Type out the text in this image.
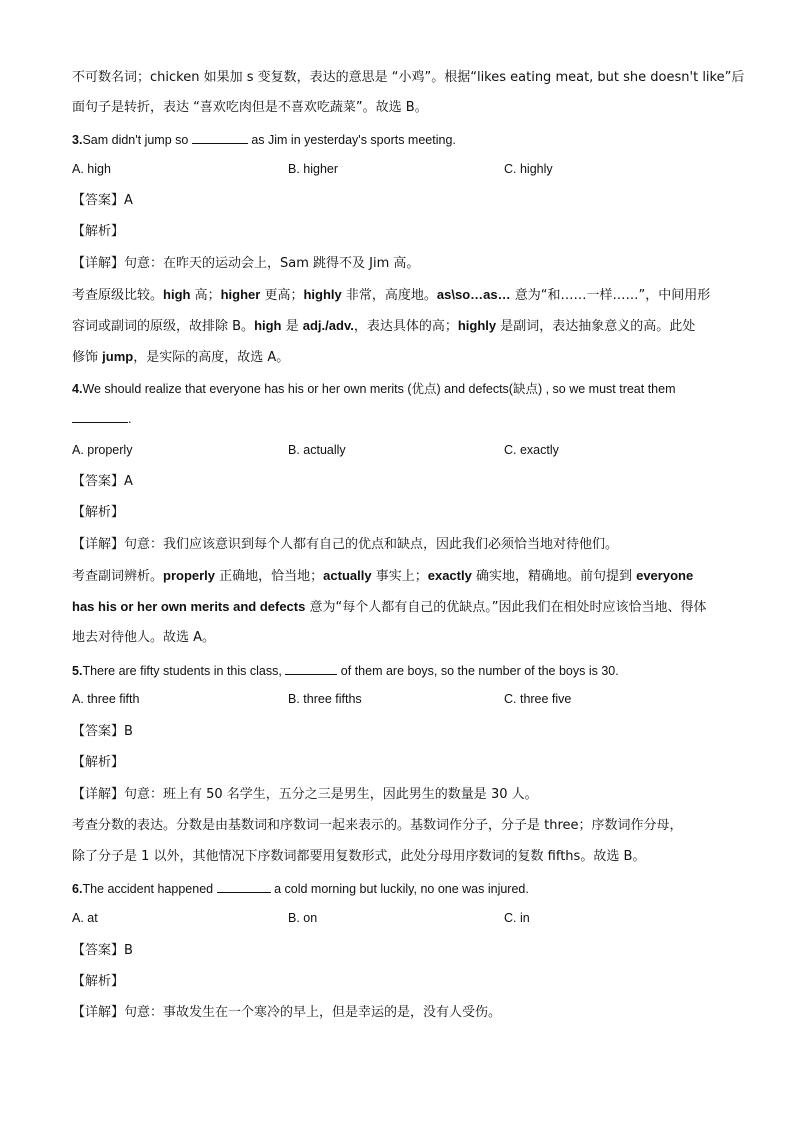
不可数名词；chicken 如果加 s 变复数，表达的意思是 “小鸡”。根据“likes eating meat, but she doesn't like”后
面句子是转折，表达 “喜欢吃肉但是不喜欢吃蔬菜”。故选 B。
3.Sam didn't jump so	as Jim in yesterday's sports meeting.
A. high	B. higher	C. highly
【答案】A
【解析】
【详解】句意：在昨天的运动会上，Sam 跳得不及 Jim 高。
考查原级比较。high 高；higher 更高；highly 非常，高度地。as\so…as… 意为“和……一样……”，中间用形
容词或副词的原级，故排除 B。high 是 adj./adv.，表达具体的高；highly 是副词，表达抽象意义的高。此处
修饰 jump，是实际的高度，故选 A。
4.We should realize that everyone has his or her own merits (优点) and defects(缺点) , so we must treat them
.
A. properly	B. actually	C. exactly
【答案】A
【解析】
【详解】句意：我们应该意识到每个人都有自己的优点和缺点，因此我们必须恰当地对待他们。
考查副词辨析。properly 正确地，恰当地；actually 事实上；exactly 确实地，精确地。前句提到 everyone
has his or her own merits and defects 意为“每个人都有自己的优缺点。”因此我们在相处时应该恰当地、得体
地去对待他人。故选 A。
5.There are fifty students in this class,	of them are boys, so the number of the boys is 30.
A. three fifth	B. three fifths	C. three five
【答案】B
【解析】
【详解】句意：班上有 50 名学生，五分之三是男生，因此男生的数量是 30 人。
考查分数的表达。分数是由基数词和序数词一起来表示的。基数词作分子，分子是 three；序数词作分母，
除了分子是 1 以外，其他情况下序数词都要用复数形式，此处分母用序数词的复数 fifths。故选 B。
6.The accident happened	a cold morning but luckily, no one was injured.
A. at	B. on	C. in
【答案】B
【解析】
【详解】句意：事故发生在一个寒冷的早上，但是幸运的是，没有人受伤。
